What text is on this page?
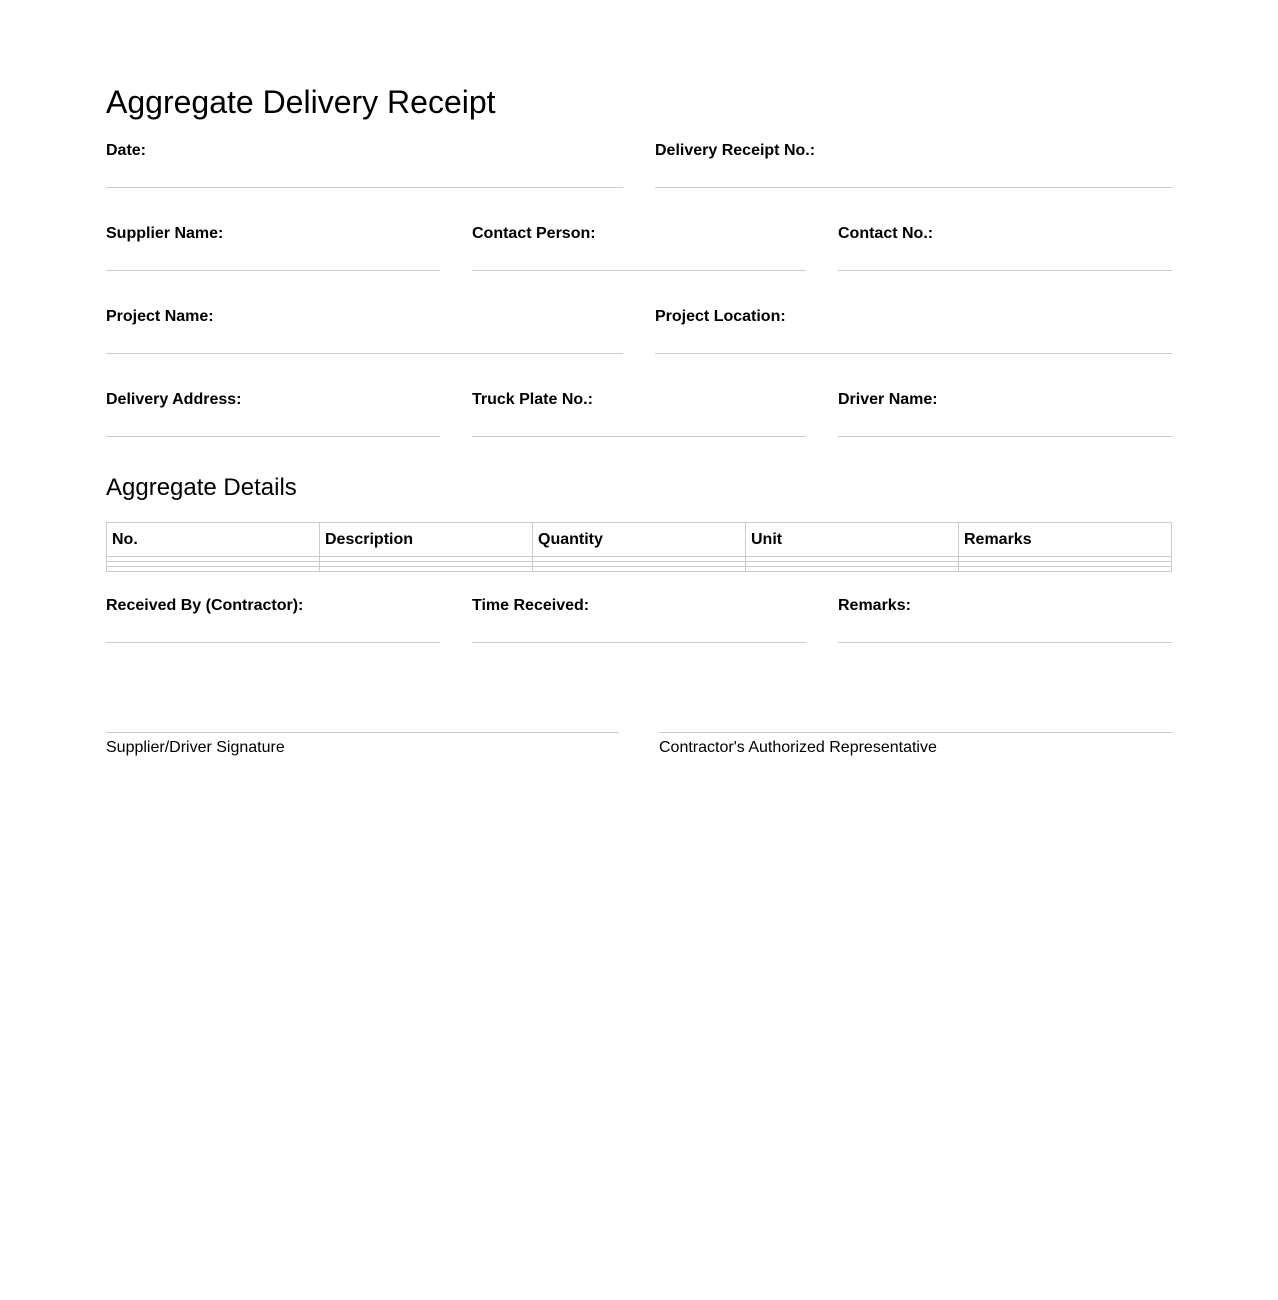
Aggregate Delivery Receipt
Date:	Delivery Receipt No.:
Supplier Name:	Contact Person:	Contact No.:
Project Name:	Project Location:
Delivery Address:	Truck Plate No.:	Driver Name:
Aggregate Details
No.	Description	Quantity	Unit	Remarks

Received By (Contractor):	Time Received:	Remarks:
Supplier/Driver Signature	Contractor's Authorized Representative
